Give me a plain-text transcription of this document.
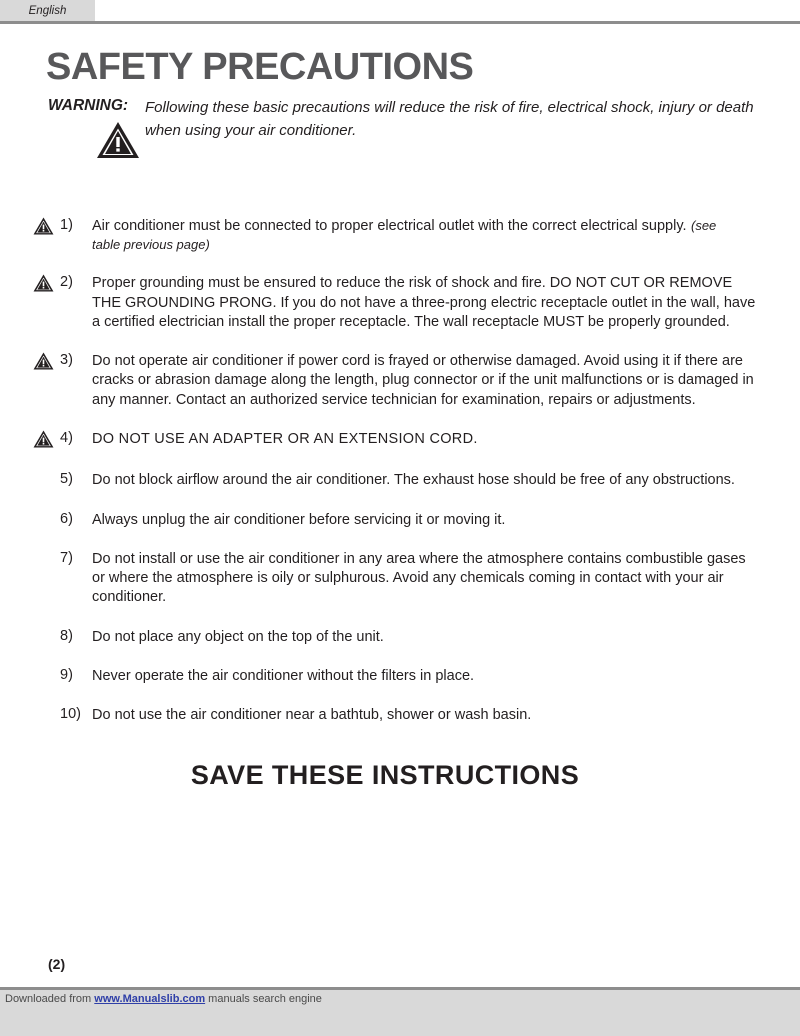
English
SAFETY PRECAUTIONS
WARNING: Following these basic precautions will reduce the risk of fire, electrical shock, injury or death when using your air conditioner.
1)	Air conditioner must be connected to proper electrical outlet with the correct electrical supply. (see table previous page)
2)	Proper grounding must be ensured to reduce the risk of shock and fire. DO NOT CUT OR REMOVE THE GROUNDING PRONG. If you do not have a three-prong electric receptacle outlet in the wall, have a certified electrician install the proper receptacle. The wall receptacle MUST be properly grounded.
3)	Do not operate air conditioner if power cord is frayed or otherwise damaged. Avoid using it if there are cracks or abrasion damage along the length, plug connector or if the unit malfunctions or is damaged in any manner. Contact an authorized service technician for examination, repairs or adjustments.
4)	DO NOT USE AN ADAPTER OR AN EXTENSION CORD.
5)	Do not block airflow around the air conditioner. The exhaust hose should be free of any obstructions.
6)	Always unplug the air conditioner before servicing it or moving it.
7)	Do not install or use the air conditioner in any area where the atmosphere contains combustible gases or where the atmosphere is oily or sulphurous. Avoid any chemicals coming in contact with your air conditioner.
8)	Do not place any object on the top of the unit.
9)	Never operate the air conditioner without the filters in place.
10) Do not use the air conditioner near a bathtub, shower or wash basin.
SAVE THESE INSTRUCTIONS
(2)
Downloaded from www.Manualslib.com manuals search engine
